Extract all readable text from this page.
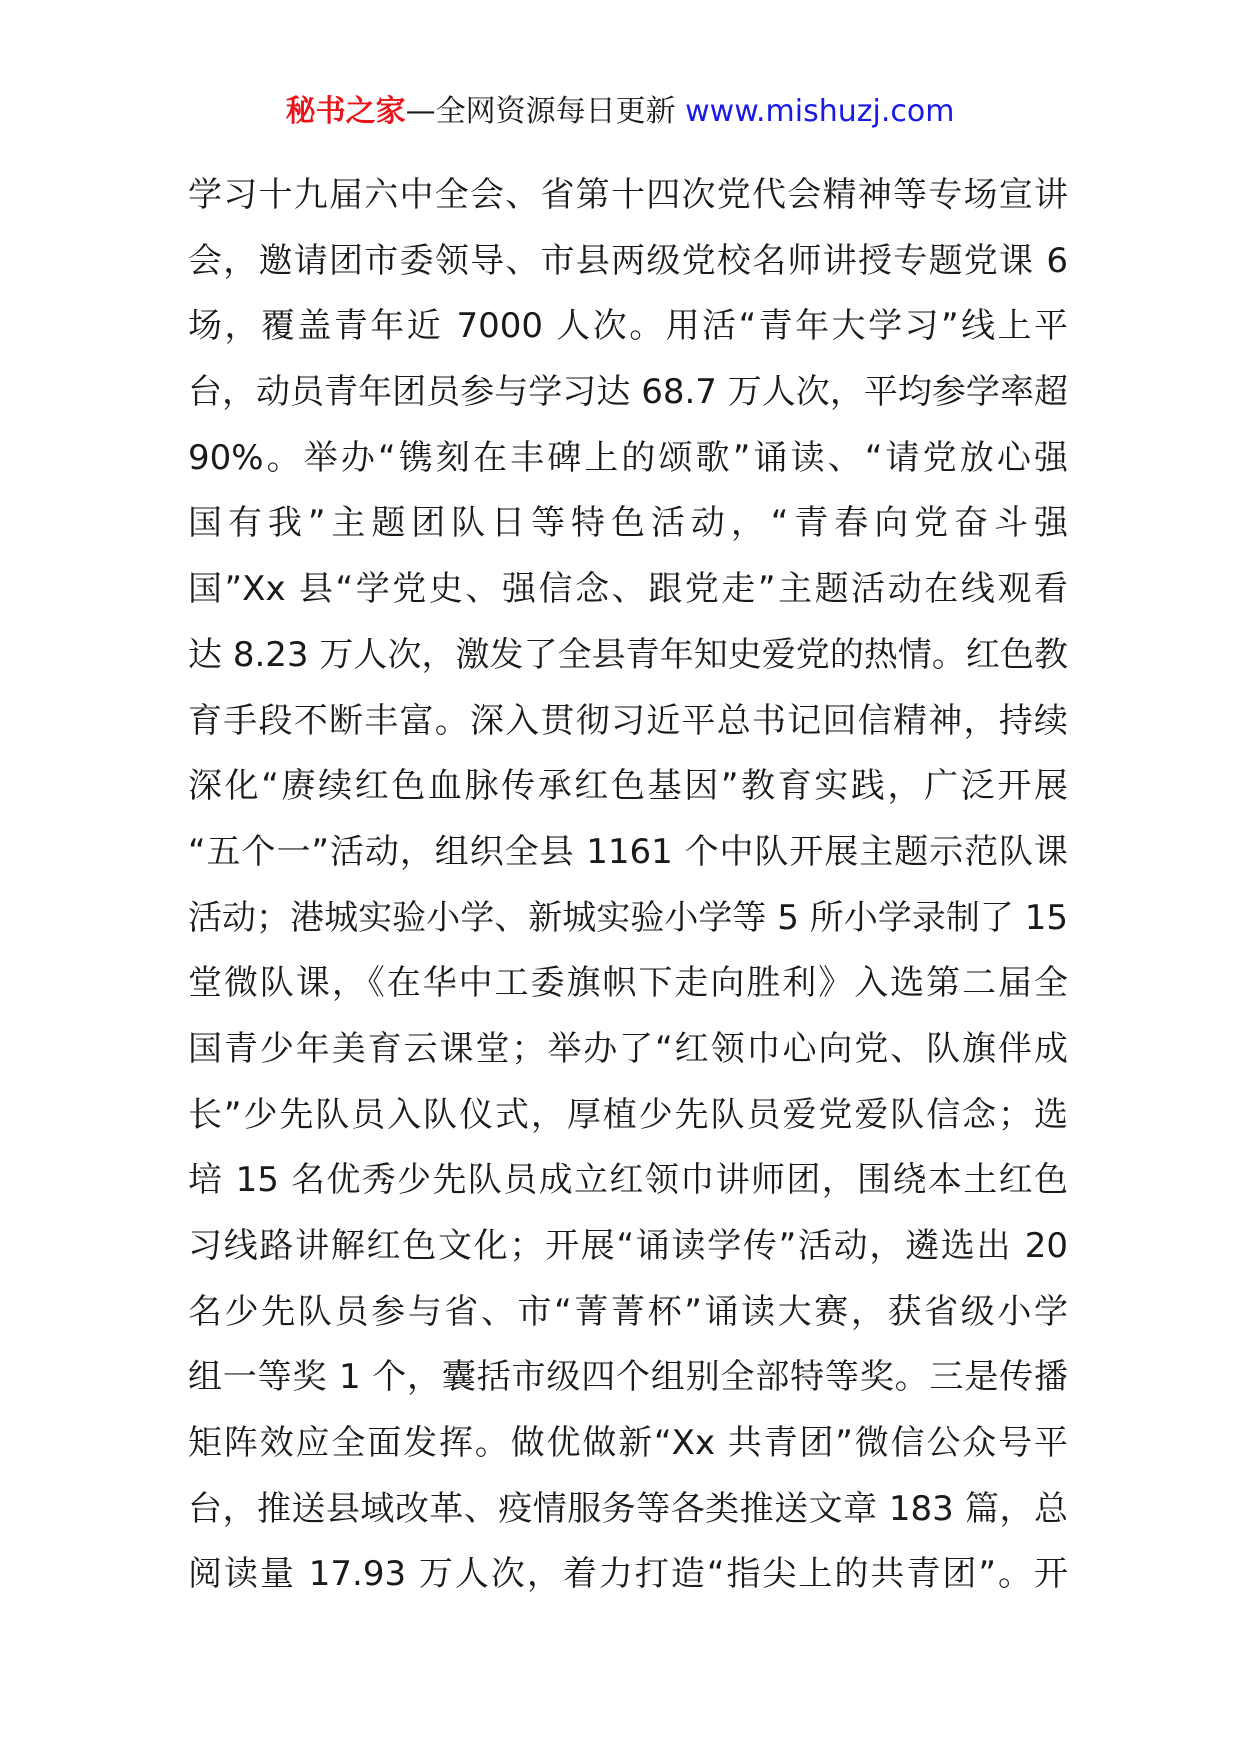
秘书之家—全网资源每日更新 www.mishuzj.com
学习十九届六中全会、省第十四次党代会精神等专场宣讲
会，邀请团市委领导、市县两级党校名师讲授专题党课 6
场，覆盖青年近 7000 人次。用活“青年大学习”线上平
台，动员青年团员参与学习达 68.7 万人次，平均参学率超
90%。举办“镌刻在丰碑上的颂歌”诵读、“请党放心强
国有我”主题团队日等特色活动，“青春向党奋斗强
国”Xx 县“学党史、强信念、跟党走”主题活动在线观看
达 8.23 万人次，激发了全县青年知史爱党的热情。红色教
育手段不断丰富。深入贯彻习近平总书记回信精神，持续
深化“赓续红色血脉传承红色基因”教育实践，广泛开展
“五个一”活动，组织全县 1161 个中队开展主题示范队课
活动；港城实验小学、新城实验小学等 5 所小学录制了 15
堂微队课，《在华中工委旗帜下走向胜利》入选第二届全
国青少年美育云课堂；举办了“红领巾心向党、队旗伴成
长”少先队员入队仪式，厚植少先队员爱党爱队信念；选
培 15 名优秀少先队员成立红领巾讲师团，围绕本土红色
习线路讲解红色文化；开展“诵读学传”活动，遴选出 20
名少先队员参与省、市“菁菁杯”诵读大赛，获省级小学
组一等奖 1 个，囊括市级四个组别全部特等奖。三是传播
矩阵效应全面发挥。做优做新“Xx 共青团”微信公众号平
台，推送县域改革、疫情服务等各类推送文章 183 篇，总
阅读量 17.93 万人次，着力打造“指尖上的共青团”。开
